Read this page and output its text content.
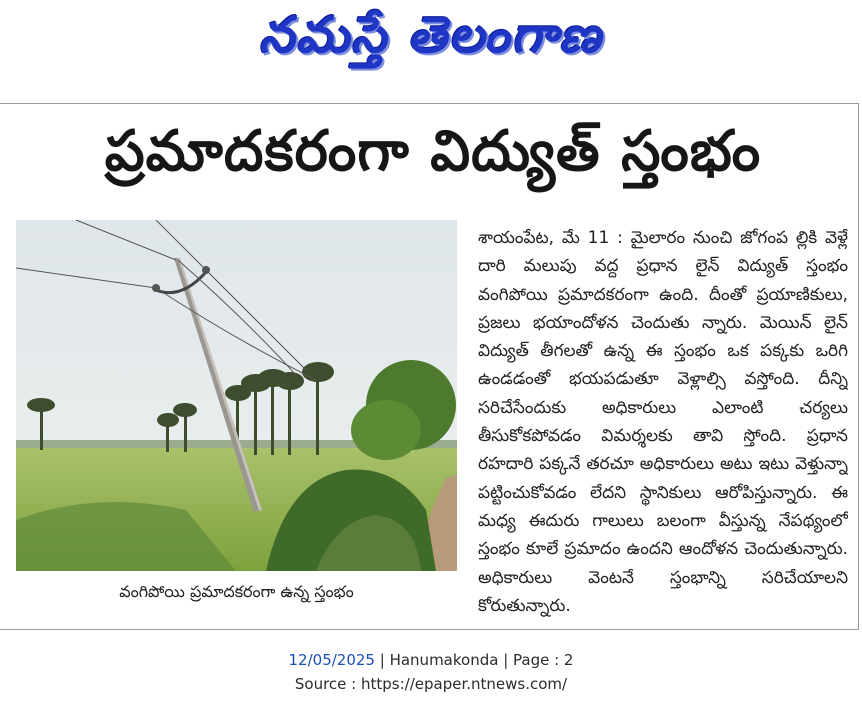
నమస్తే తెలంగాణ
ప్రమాదకరంగా విద్యుత్ స్తంభం
వంగిపోయి ప్రమాదకరంగా ఉన్న స్తంభం
శాయంపేట, మే 11 : మైలారం నుంచి జోగంప ల్లికి వెళ్లే దారి మలుపు వద్ద ప్రధాన లైన్ విద్యుత్ స్తంభం వంగిపోయి ప్రమాదకరంగా ఉంది. దీంతో ప్రయాణికులు, ప్రజలు భయాందోళన చెందుతు న్నారు. మెయిన్ లైన్ విద్యుత్ తీగలతో ఉన్న ఈ స్తంభం ఒక పక్కకు ఒరిగి ఉండడంతో భయపడుతూ వెళ్లాల్సి వస్తోంది. దీన్ని సరిచేసేందుకు అధికారులు ఎలాంటి చర్యలు తీసుకోకపోవడం విమర్శలకు తావి స్తోంది. ప్రధాన రహదారి పక్కనే తరచూ అధికారులు అటు ఇటు వెళ్తున్నా పట్టించుకోవడం లేదని స్థానికులు ఆరోపిస్తున్నారు. ఈ మధ్య ఈదురు గాలులు బలంగా వీస్తున్న నేపథ్యంలో స్తంభం కూలే ప్రమాదం ఉందని ఆందోళన చెందుతున్నారు. అధికారులు వెంటనే స్తంభాన్ని సరిచేయాలని కోరుతున్నారు.
12/05/2025 | Hanumakonda | Page : 2
Source : https://epaper.ntnews.com/
